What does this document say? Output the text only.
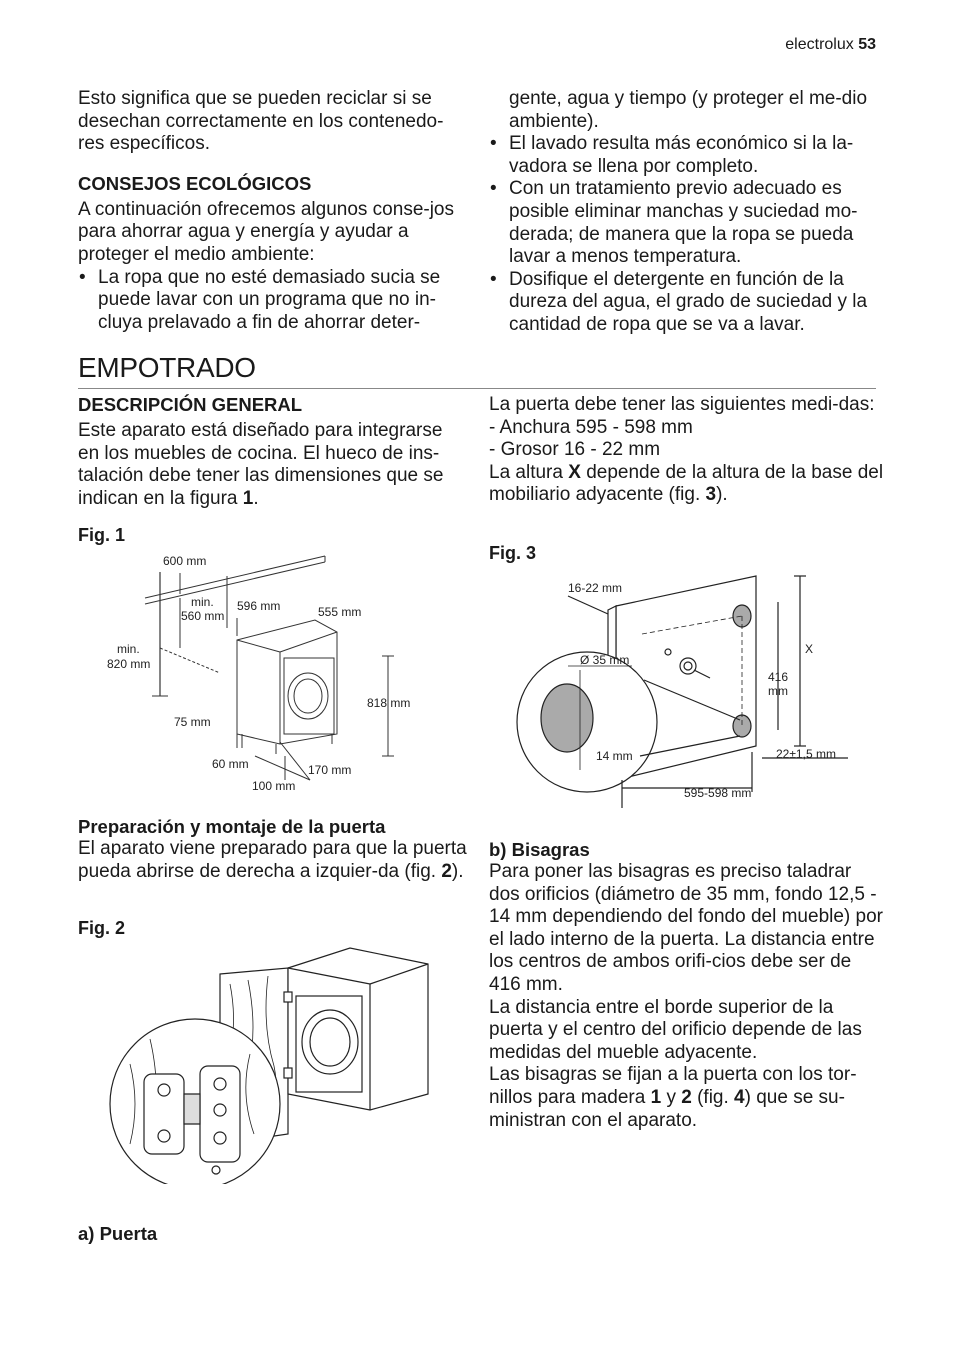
electrolux 53

Esto significa que se pueden reciclar si se desechan correctamente en los contenedo-res específicos.

CONSEJOS ECOLÓGICOS

A continuación ofrecemos algunos conse-jos para ahorrar agua y energía y ayudar a proteger el medio ambiente:

• La ropa que no esté demasiado sucia se puede lavar con un programa que no in-cluya prelavado a fin de ahorrar deter-

gente, agua y tiempo (y proteger el me-dio ambiente).

• El lavado resulta más económico si la la-vadora se llena por completo.
• Con un tratamiento previo adecuado es posible eliminar manchas y suciedad mo-derada; de manera que la ropa se pueda lavar a menos temperatura.
• Dosifique el detergente en función de la dureza del agua, el grado de suciedad y la cantidad de ropa que se va a lavar.
EMPOTRADO

DESCRIPCIÓN GENERAL

Este aparato está diseñado para integrarse en los muebles de cocina. El hueco de ins-talación debe tener las dimensiones que se indican en la figura 1.

Fig. 1
600 mm
min.
560 mm
596 mm	555 mm
min.
820 mm
818 mm
75 mm
60 mm	170 mm
100 mm

Preparación y montaje de la puerta

El aparato viene preparado para que la puerta pueda abrirse de derecha a izquier-da (fig. 2).

Fig. 2
a) Puerta

La puerta debe tener las siguientes medi-das:

- Anchura 595 - 598 mm

- Grosor 16 - 22 mm

La altura X depende de la altura de la base del mobiliario adyacente (fig. 3).

Fig. 3
16-22 mm
Ø 35 mm
X
416
mm
14 mm	22±1,5 mm
595-598 mm

b) Bisagras

Para poner las bisagras es preciso taladrar dos orificios (diámetro de 35 mm, fondo 12,5 - 14 mm dependiendo del fondo del mueble) por el lado interno de la puerta. La distancia entre los centros de ambos orifi-cios debe ser de 416 mm.

La distancia entre el borde superior de la puerta y el centro del orificio depende de las medidas del mueble adyacente.

Las bisagras se fijan a la puerta con los tor-nillos para madera 1 y 2 (fig. 4) que se su-ministran con el aparato.
